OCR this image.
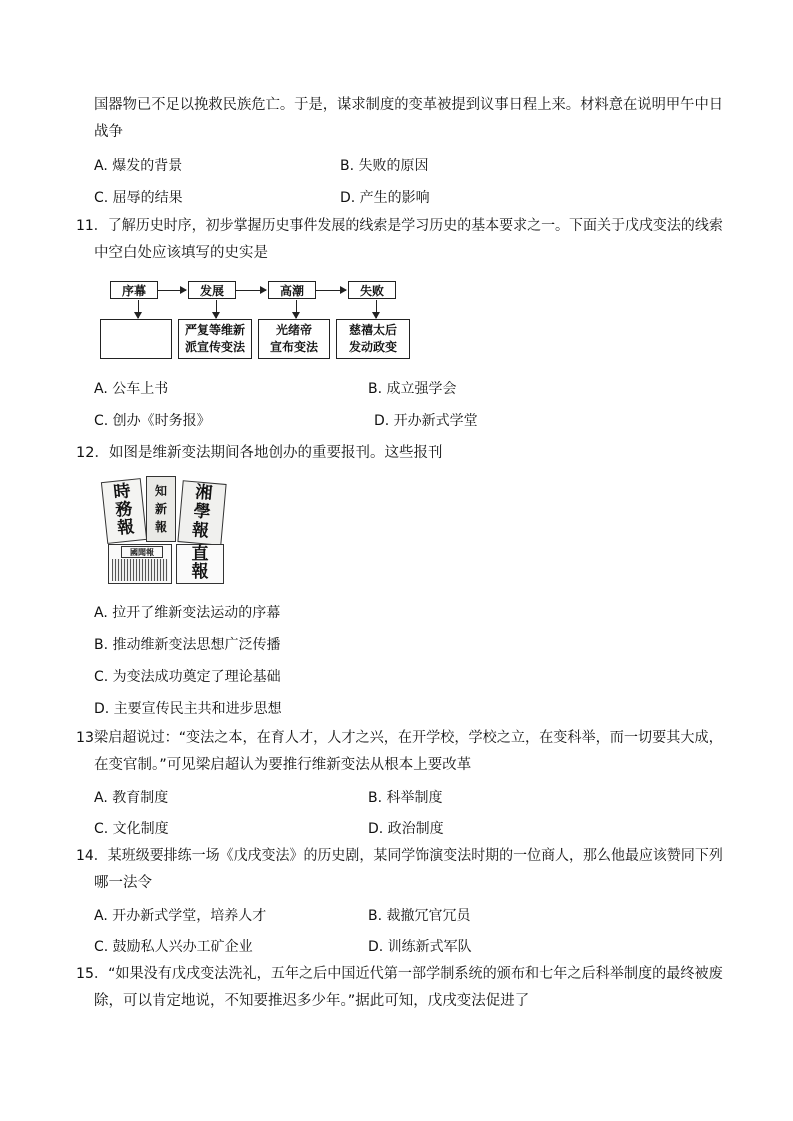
国器物已不足以挽救民族危亡。于是，谋求制度的变革被提到议事日程上来。材料意在说明甲午中日
战争
A. 爆发的背景	B. 失败的原因
C. 屈辱的结果	D. 产生的影响
11．了解历史时序，初步掌握历史事件发展的线索是学习历史的基本要求之一。下面关于戊戌变法的线索
中空白处应该填写的史实是
序幕	发展	高潮	失败
严复等维新
派宣传变法
光绪帝
宣布变法
慈禧太后
发动政变
A. 公车上书	B. 成立强学会
C. 创办《时务报》	D. 开办新式学堂
12．如图是维新变法期间各地创办的重要报刊。这些报刊
時
務
報
知
新
報
湘
學
報
國聞報	直
報
A. 拉开了维新变法运动的序幕
B. 推动维新变法思想广泛传播
C. 为变法成功奠定了理论基础
D. 主要宣传民主共和进步思想
13梁启超说过：“变法之本，在育人才，人才之兴，在开学校，学校之立，在变科举，而一切要其大成，
在变官制。”可见梁启超认为要推行维新变法从根本上要改革
A. 教育制度	B. 科举制度
C. 文化制度	D. 政治制度
14．某班级要排练一场《戊戌变法》的历史剧，某同学饰演变法时期的一位商人，那么他最应该赞同下列
哪一法令
A. 开办新式学堂，培养人才	B. 裁撤冗官冗员
C. 鼓励私人兴办工矿企业	D. 训练新式军队
15．“如果没有戊戌变法洗礼，五年之后中国近代第一部学制系统的颁布和七年之后科举制度的最终被废
除，可以肯定地说，不知要推迟多少年。”据此可知，戊戌变法促进了
